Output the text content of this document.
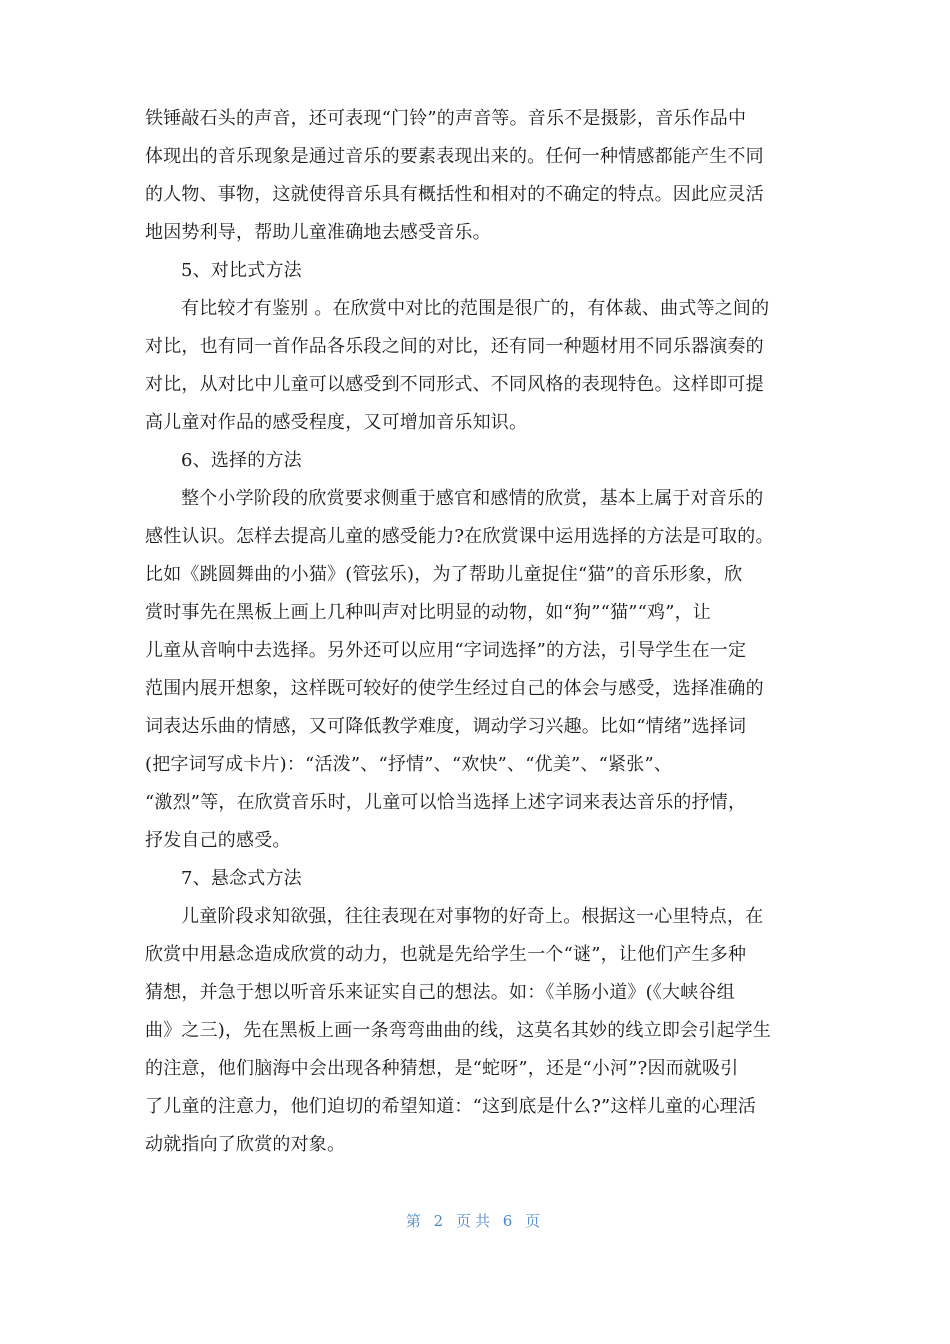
铁锤敲石头的声音，还可表现“门铃”的声音等。音乐不是摄影，音乐作品中
体现出的音乐现象是通过音乐的要素表现出来的。任何一种情感都能产生不同
的人物、事物，这就使得音乐具有概括性和相对的不确定的特点。因此应灵活
地因势利导，帮助儿童准确地去感受音乐。
5、对比式方法
有比较才有鉴别 。在欣赏中对比的范围是很广的，有体裁、曲式等之间的
对比，也有同一首作品各乐段之间的对比，还有同一种题材用不同乐器演奏的
对比，从对比中儿童可以感受到不同形式、不同风格的表现特色。这样即可提
高儿童对作品的感受程度，又可增加音乐知识。
6、选择的方法
整个小学阶段的欣赏要求侧重于感官和感情的欣赏，基本上属于对音乐的
感性认识。怎样去提高儿童的感受能力?在欣赏课中运用选择的方法是可取的。
比如《跳圆舞曲的小猫》(管弦乐)，为了帮助儿童捉住“猫”的音乐形象，欣
赏时事先在黑板上画上几种叫声对比明显的动物，如“狗”“猫”“鸡”，让
儿童从音响中去选择。另外还可以应用“字词选择”的方法，引导学生在一定
范围内展开想象，这样既可较好的使学生经过自己的体会与感受，选择准确的
词表达乐曲的情感，又可降低教学难度，调动学习兴趣。比如“情绪”选择词
(把字词写成卡片)：“活泼”、“抒情”、“欢快”、“优美”、“紧张”、
“激烈”等，在欣赏音乐时，儿童可以恰当选择上述字词来表达音乐的抒情，
抒发自己的感受。
7、悬念式方法
儿童阶段求知欲强，往往表现在对事物的好奇上。根据这一心里特点，在
欣赏中用悬念造成欣赏的动力，也就是先给学生一个“谜”，让他们产生多种
猜想，并急于想以听音乐来证实自己的想法。如：《羊肠小道》(《大峡谷组
曲》之三)，先在黑板上画一条弯弯曲曲的线，这莫名其妙的线立即会引起学生
的注意，他们脑海中会出现各种猜想，是“蛇呀”，还是“小河”?因而就吸引
了儿童的注意力，他们迫切的希望知道：“这到底是什么?”这样儿童的心理活
动就指向了欣赏的对象。
第 2 页共 6 页
